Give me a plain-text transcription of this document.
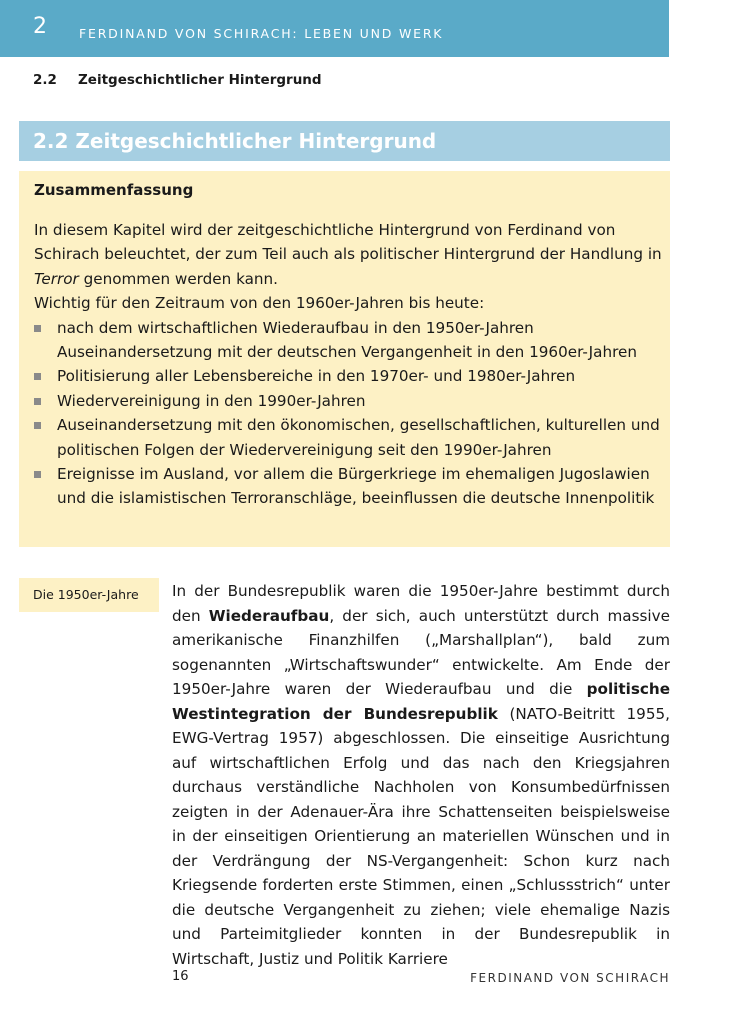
2	FERDINAND VON SCHIRACH: LEBEN UND WERK
2.2 Zeitgeschichtlicher Hintergrund
2.2 Zeitgeschichtlicher Hintergrund
Zusammenfassung

In diesem Kapitel wird der zeitgeschichtliche Hintergrund von Ferdinand von Schirach beleuchtet, der zum Teil auch als politischer Hintergrund der Handlung in Terror genommen werden kann.

Wichtig für den Zeitraum von den 1960er-Jahren bis heute:

nach dem wirtschaftlichen Wiederaufbau in den 1950er-Jahren Auseinandersetzung mit der deutschen Vergangenheit in den 1960er-Jahren
Politisierung aller Lebensbereiche in den 1970er- und 1980er-Jahren
Wiedervereinigung in den 1990er-Jahren
Auseinandersetzung mit den ökonomischen, gesellschaftlichen, kulturellen und politischen Folgen der Wiedervereinigung seit den 1990er-Jahren
Ereignisse im Ausland, vor allem die Bürgerkriege im ehemaligen Jugoslawien und die islamistischen Terroranschläge, beeinflussen die deutsche Innenpolitik
Die 1950er-Jahre In der Bundesrepublik waren die 1950er-Jahre bestimmt durch den Wiederaufbau, der sich, auch unterstützt durch massive amerikanische Finanzhilfen („Marshallplan“), bald zum sogenannten „Wirtschaftswunder“ entwickelte. Am Ende der 1950er-Jahre waren der Wiederaufbau und die politische Westintegration der Bundesrepublik (NATO-Beitritt 1955, EWG-Vertrag 1957) abgeschlossen. Die einseitige Ausrichtung auf wirtschaftlichen Erfolg und das nach den Kriegsjahren durchaus verständliche Nachholen von Konsumbedürfnissen zeigten in der Adenauer-Ära ihre Schattenseiten beispielsweise in der einseitigen Orientierung an materiellen Wünschen und in der Verdrängung der NS-Vergangenheit: Schon kurz nach Kriegsende forderten erste Stimmen, einen „Schlussstrich“ unter die deutsche Vergangenheit zu ziehen; viele ehemalige Nazis und Parteimitglieder konnten in der Bundesrepublik in Wirtschaft, Justiz und Politik Karriere
16	FERDINAND VON SCHIRACH
